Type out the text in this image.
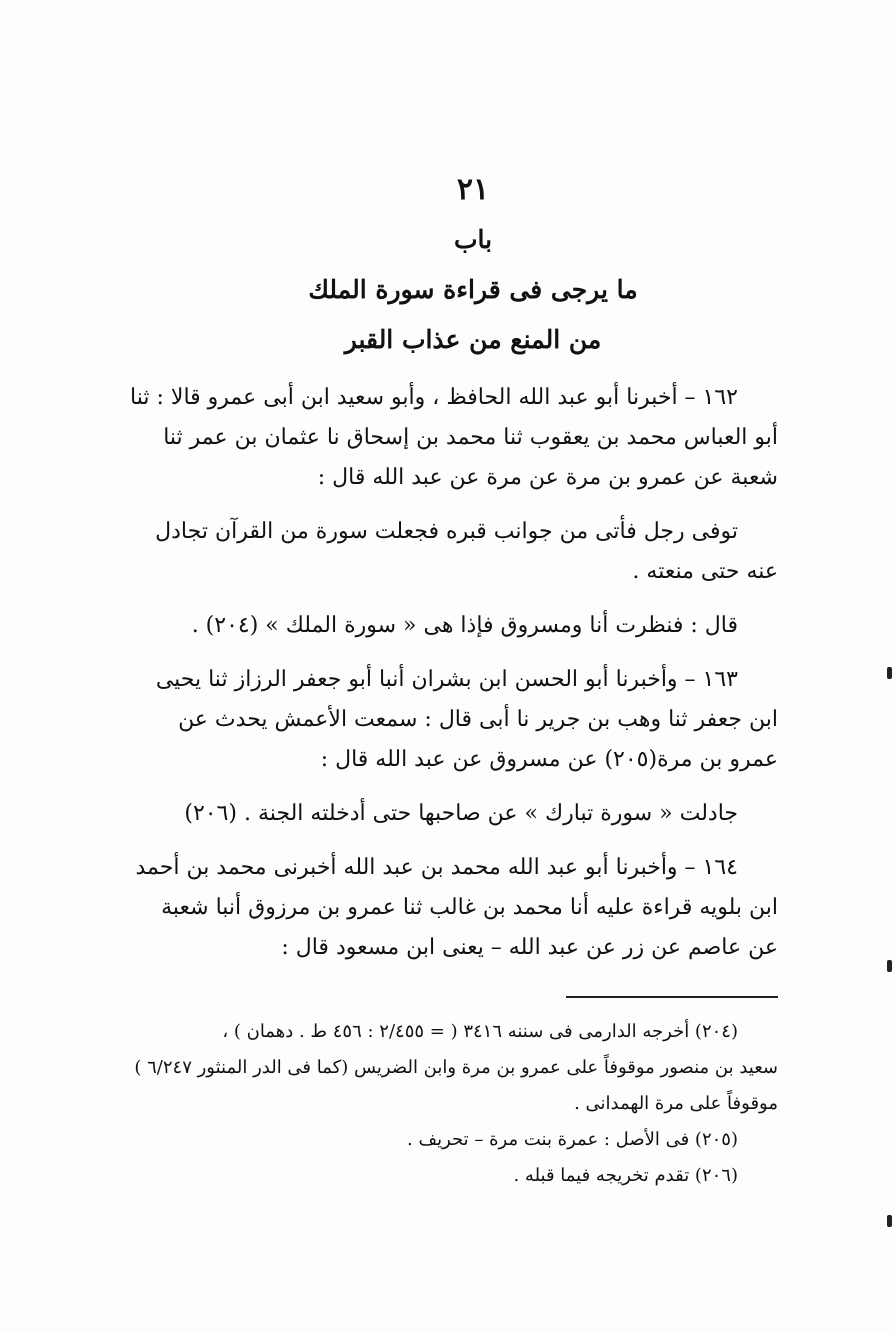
٢١

باب

ما يرجى فى قراءة سورة الملك

من المنع من عذاب القبر

١٦٢ – أخبرنا أبو عبد الله الحافظ ، وأبو سعيد ابن أبى عمرو قالا : ثنا أبو العباس محمد بن يعقوب ثنا محمد بن إسحاق نا عثمان بن عمر ثنا شعبة عن عمرو بن مرة عن مرة عن عبد الله قال :

توفى رجل فأتى من جوانب قبره فجعلت سورة من القرآن تجادل عنه حتى منعته .

قال : فنظرت أنا ومسروق فإذا هى « سورة الملك » (٢٠٤) .

١٦٣ – وأخبرنا أبو الحسن ابن بشران أنبا أبو جعفر الرزاز ثنا يحيى ابن جعفر ثنا وهب بن جرير نا أبى قال : سمعت الأعمش يحدث عن عمرو بن مرة(٢٠٥) عن مسروق عن عبد الله قال :

جادلت « سورة تبارك » عن صاحبها حتى أدخلته الجنة . (٢٠٦)

١٦٤ – وأخبرنا أبو عبد الله محمد بن عبد الله أخبرنى محمد بن أحمد ابن بلويه قراءة عليه أنا محمد بن غالب ثنا عمرو بن مرزوق أنبا شعبة عن عاصم عن زر عن عبد الله – يعنى ابن مسعود قال :

(٢٠٤) أخرجه الدارمى فى سننه ٣٤١٦ ( = ٢/٤٥٥ : ٤٥٦ ط . دهمان ) ،

سعيد بن منصور موقوفاً على عمرو بن مرة وابن الضريس (كما فى الدر المنثور ٦/٢٤٧ )

موقوفاً على مرة الهمدانى .

(٢٠٥) فى الأصل : عمرة بنت مرة – تحريف .

(٢٠٦) تقدم تخريجه فيما قبله .
